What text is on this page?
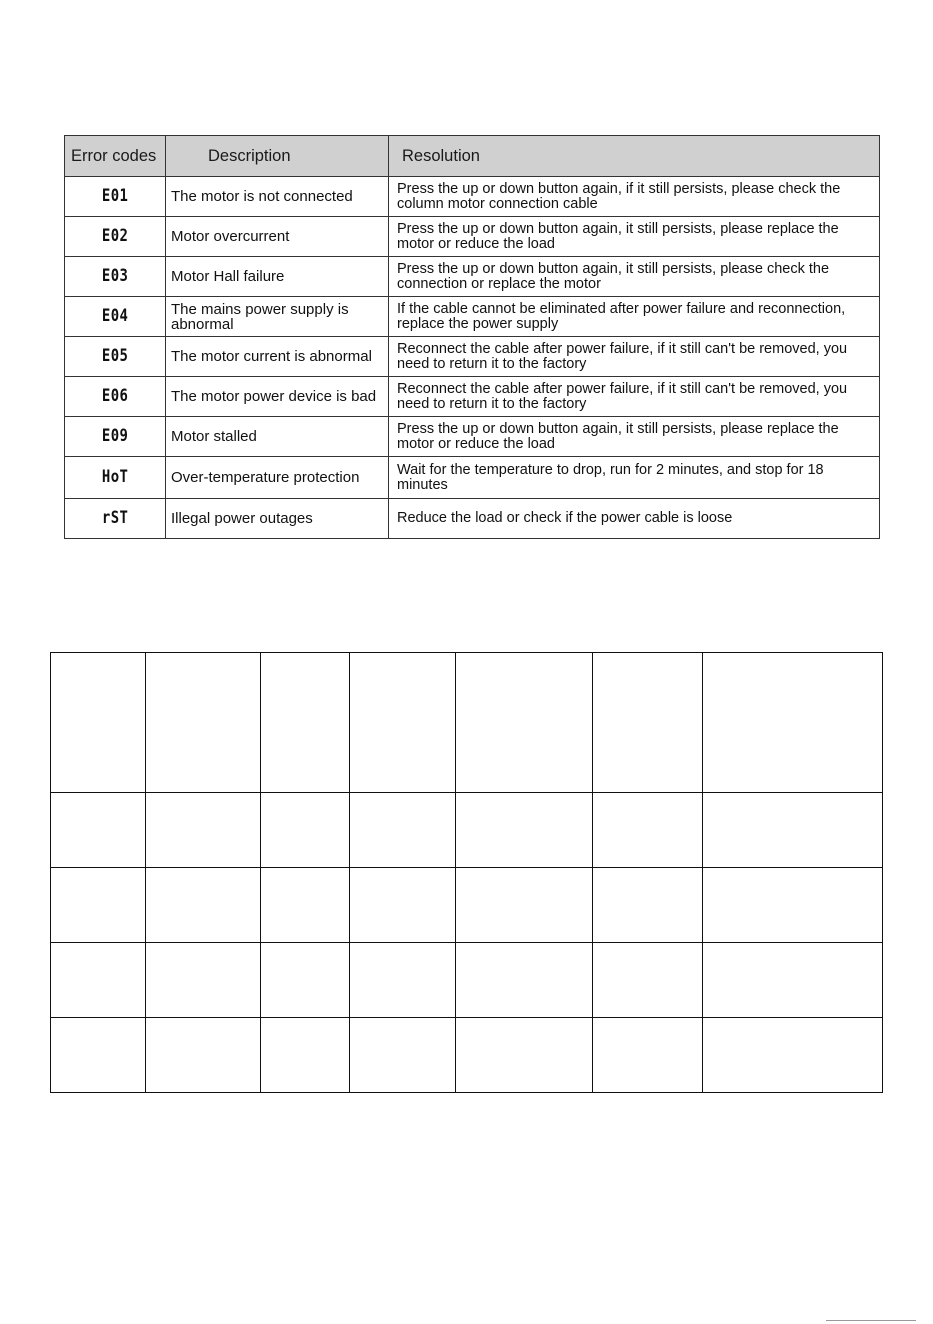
Error codes	Description	Resolution
E01	The motor is not connected	Press the up or down button again, if it still persists, please check the column motor connection cable
E02	Motor overcurrent	Press the up or down button again, it still persists, please replace the motor or reduce the load
E03	Motor Hall failure	Press the up or down button again, it still persists, please check the connection or replace the motor
E04	The mains power supply is abnormal	If the cable cannot be eliminated after power failure and reconnection, replace the power supply
E05	The motor current is abnormal	Reconnect the cable after power failure, if it still can't be removed, you need to return it to the factory
E06	The motor power device is bad	Reconnect the cable after power failure, if it still can't be removed, you need to return it to the factory
E09	Motor stalled	Press the up or down button again, it still persists, please replace the motor or reduce the load
HoT	Over-temperature protection	Wait for the temperature to drop, run for 2 minutes, and stop for 18 minutes
rST	Illegal power outages	Reduce the load or check if the power cable is loose
